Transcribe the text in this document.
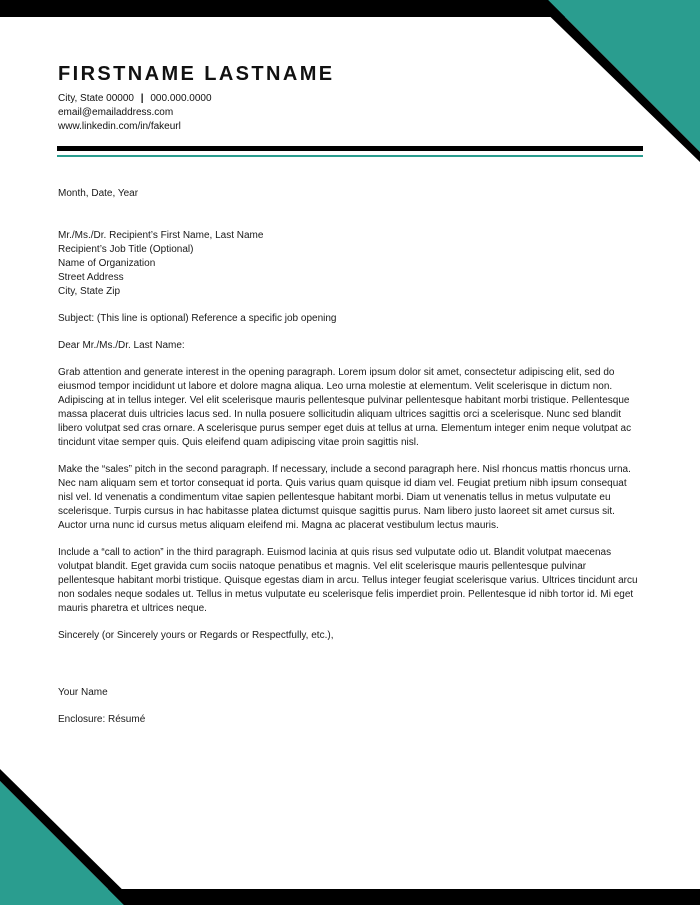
FIRSTNAME LASTNAME
City, State 00000 | 000.000.0000
email@emailaddress.com
www.linkedin.com/in/fakeurl

Month, Date, Year

Mr./Ms./Dr. Recipient’s First Name, Last Name

Recipient’s Job Title (Optional)

Name of Organization

Street Address

City, State Zip

Subject: (This line is optional) Reference a specific job opening

Dear Mr./Ms./Dr. Last Name:

Grab attention and generate interest in the opening paragraph. Lorem ipsum dolor sit amet, consectetur adipiscing elit, sed do eiusmod tempor incididunt ut labore et dolore magna aliqua. Leo urna molestie at elementum. Velit scelerisque in dictum non. Adipiscing at in tellus integer. Vel elit scelerisque mauris pellentesque pulvinar pellentesque habitant morbi tristique. Pellentesque massa placerat duis ultricies lacus sed. In nulla posuere sollicitudin aliquam ultrices sagittis orci a scelerisque. Nunc sed blandit libero volutpat sed cras ornare. A scelerisque purus semper eget duis at tellus at urna. Elementum integer enim neque volutpat ac tincidunt vitae semper quis. Quis eleifend quam adipiscing vitae proin sagittis nisl.

Make the “sales” pitch in the second paragraph. If necessary, include a second paragraph here. Nisl rhoncus mattis rhoncus urna. Nec nam aliquam sem et tortor consequat id porta. Quis varius quam quisque id diam vel. Feugiat pretium nibh ipsum consequat nisl vel. Id venenatis a condimentum vitae sapien pellentesque habitant morbi. Diam ut venenatis tellus in metus vulputate eu scelerisque. Turpis cursus in hac habitasse platea dictumst quisque sagittis purus. Nam libero justo laoreet sit amet cursus sit. Auctor urna nunc id cursus metus aliquam eleifend mi. Magna ac placerat vestibulum lectus mauris.

Include a “call to action” in the third paragraph. Euismod lacinia at quis risus sed vulputate odio ut. Blandit volutpat maecenas volutpat blandit. Eget gravida cum sociis natoque penatibus et magnis. Vel elit scelerisque mauris pellentesque pulvinar pellentesque habitant morbi tristique. Quisque egestas diam in arcu. Tellus integer feugiat scelerisque varius. Ultrices tincidunt arcu non sodales neque sodales ut. Tellus in metus vulputate eu scelerisque felis imperdiet proin. Pellentesque id nibh tortor id. Mi eget mauris pharetra et ultrices neque.

Sincerely (or Sincerely yours or Regards or Respectfully, etc.),

Your Name

Enclosure: Résumé
